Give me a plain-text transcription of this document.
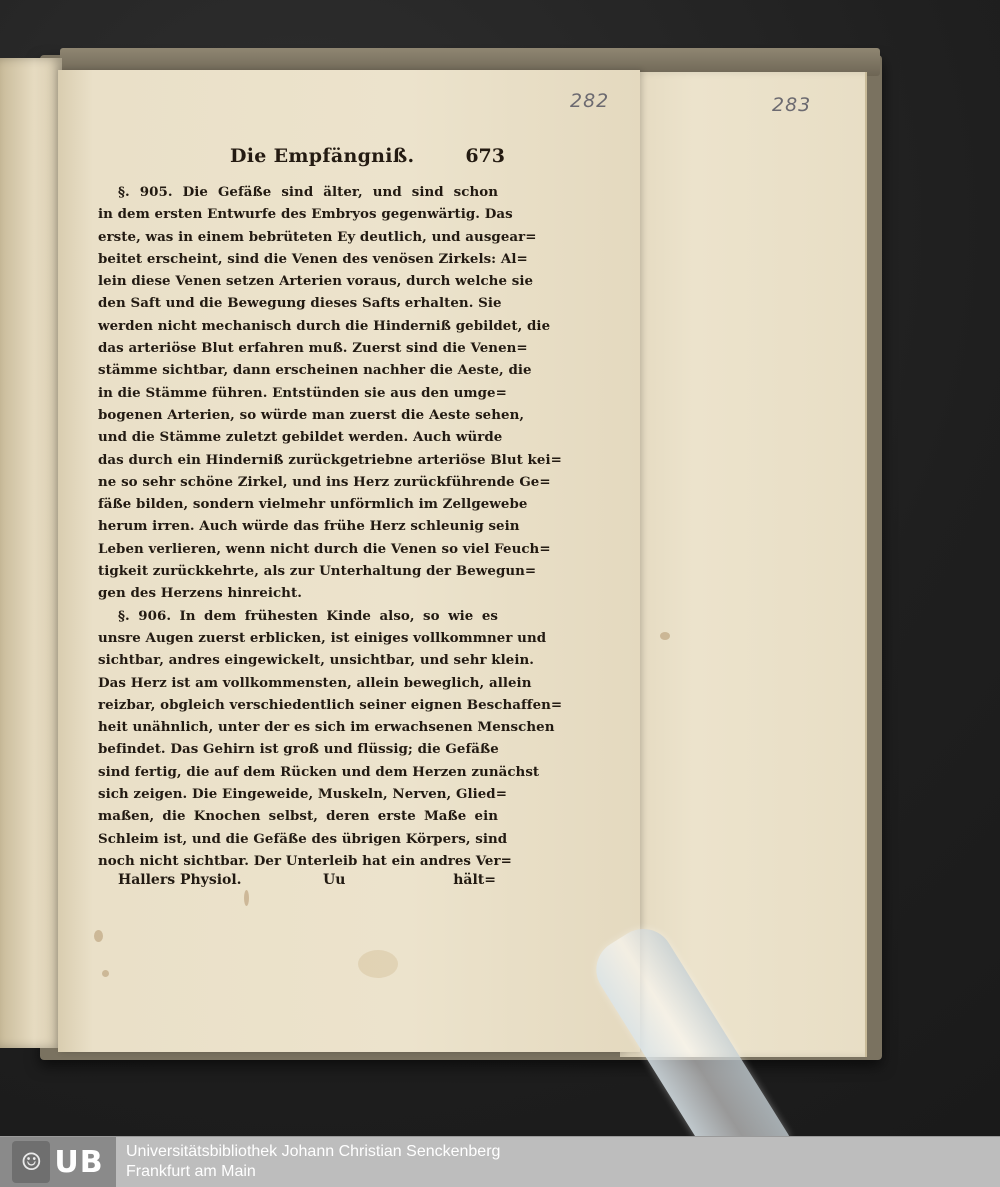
283
282
Die Empfängniß.	673
§. 905. Die Gefäße sind älter, und sind schon
in dem ersten Entwurfe des Embryos gegenwärtig. Das
erste, was in einem bebrüteten Ey deutlich, und ausgear=
beitet erscheint, sind die Venen des venösen Zirkels: Al=
lein diese Venen setzen Arterien voraus, durch welche sie
den Saft und die Bewegung dieses Safts erhalten. Sie
werden nicht mechanisch durch die Hinderniß gebildet, die
das arteriöse Blut erfahren muß. Zuerst sind die Venen=
stämme sichtbar, dann erscheinen nachher die Aeste, die
in die Stämme führen. Entstünden sie aus den umge=
bogenen Arterien, so würde man zuerst die Aeste sehen,
und die Stämme zuletzt gebildet werden. Auch würde
das durch ein Hinderniß zurückgetriebne arteriöse Blut kei=
ne so sehr schöne Zirkel, und ins Herz zurückführende Ge=
fäße bilden, sondern vielmehr unförmlich im Zellgewebe
herum irren. Auch würde das frühe Herz schleunig sein
Leben verlieren, wenn nicht durch die Venen so viel Feuch=
tigkeit zurückkehrte, als zur Unterhaltung der Bewegun=
gen des Herzens hinreicht.
§. 906. In dem frühesten Kinde also, so wie es
unsre Augen zuerst erblicken, ist einiges vollkommner und
sichtbar, andres eingewickelt, unsichtbar, und sehr klein.
Das Herz ist am vollkommensten, allein beweglich, allein
reizbar, obgleich verschiedentlich seiner eignen Beschaffen=
heit unähnlich, unter der es sich im erwachsenen Menschen
befindet. Das Gehirn ist groß und flüssig; die Gefäße
sind fertig, die auf dem Rücken und dem Herzen zunächst
sich zeigen. Die Eingeweide, Muskeln, Nerven, Glied=
maßen, die Knochen selbst, deren erste Maße ein
Schleim ist, und die Gefäße des übrigen Körpers, sind
noch nicht sichtbar. Der Unterleib hat ein andres Ver=
Hallers Physiol.	Uu	hält=
☺ UB Universitätsbibliothek Johann Christian Senckenberg
Frankfurt am Main
